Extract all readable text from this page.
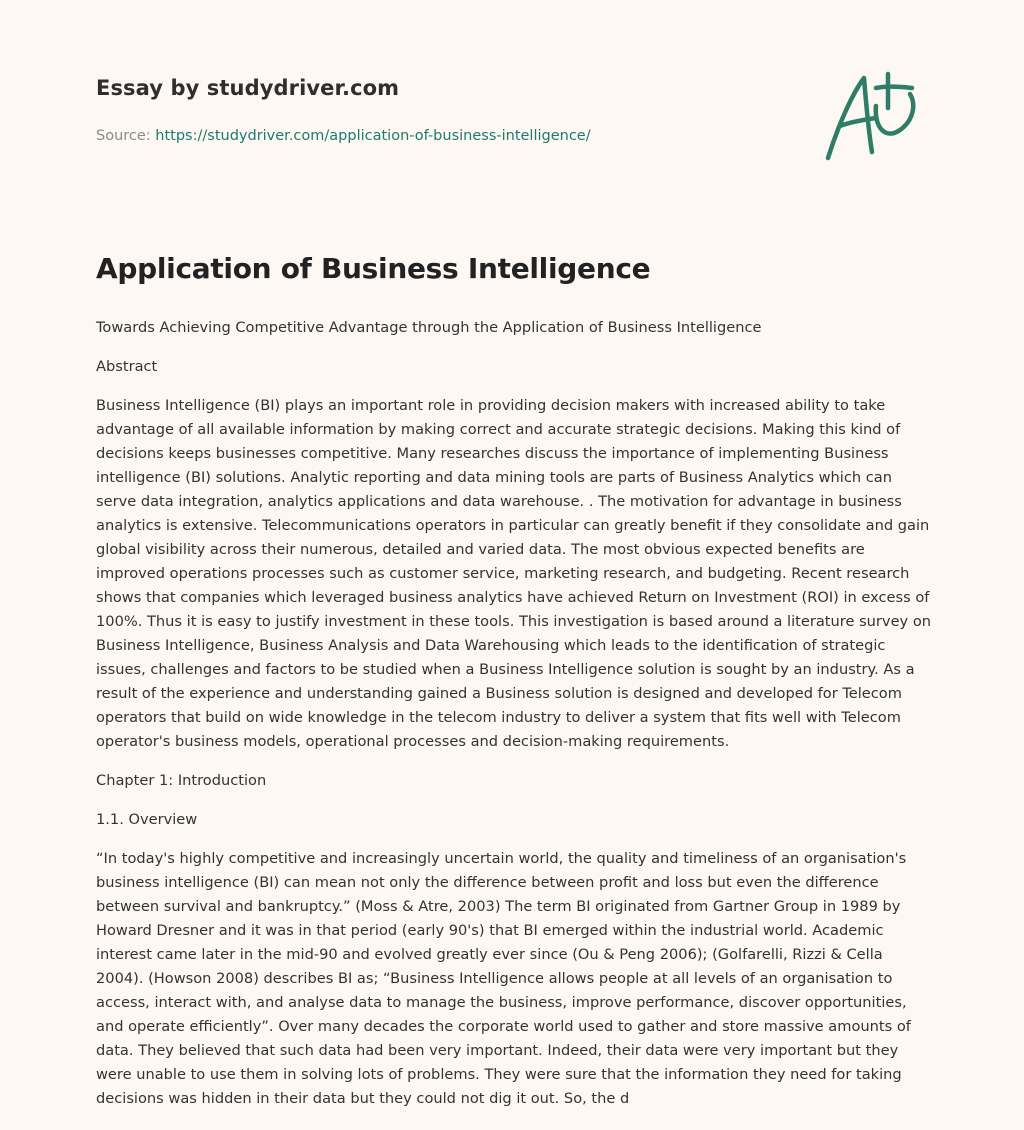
Essay by studydriver.com
Source: https://studydriver.com/application-of-business-intelligence/
Application of Business Intelligence

Towards Achieving Competitive Advantage through the Application of Business Intelligence

Abstract

Business Intelligence (BI) plays an important role in providing decision makers with increased ability to take advantage of all available information by making correct and accurate strategic decisions. Making this kind of decisions keeps businesses competitive. Many researches discuss the importance of implementing Business intelligence (BI) solutions. Analytic reporting and data mining tools are parts of Business Analytics which can serve data integration, analytics applications and data warehouse. . The motivation for advantage in business analytics is extensive. Telecommunications operators in particular can greatly benefit if they consolidate and gain global visibility across their numerous, detailed and varied data. The most obvious expected benefits are improved operations processes such as customer service, marketing research, and budgeting. Recent research shows that companies which leveraged business analytics have achieved Return on Investment (ROI) in excess of 100%. Thus it is easy to justify investment in these tools. This investigation is based around a literature survey on Business Intelligence, Business Analysis and Data Warehousing which leads to the identification of strategic issues, challenges and factors to be studied when a Business Intelligence solution is sought by an industry. As a result of the experience and understanding gained a Business solution is designed and developed for Telecom operators that build on wide knowledge in the telecom industry to deliver a system that fits well with Telecom operator's business models, operational processes and decision-making requirements.

Chapter 1: Introduction

1.1. Overview

“In today's highly competitive and increasingly uncertain world, the quality and timeliness of an organisation's business intelligence (BI) can mean not only the difference between profit and loss but even the difference between survival and bankruptcy.” (Moss & Atre, 2003) The term BI originated from Gartner Group in 1989 by Howard Dresner and it was in that period (early 90's) that BI emerged within the industrial world. Academic interest came later in the mid-90 and evolved greatly ever since (Ou & Peng 2006); (Golfarelli, Rizzi & Cella 2004). (Howson 2008) describes BI as; “Business Intelligence allows people at all levels of an organisation to access, interact with, and analyse data to manage the business, improve performance, discover opportunities, and operate efficiently”. Over many decades the corporate world used to gather and store massive amounts of data. They believed that such data had been very important. Indeed, their data were very important but they were unable to use them in solving lots of problems. They were sure that the information they need for taking decisions was hidden in their data but they could not dig it out. So, the d
